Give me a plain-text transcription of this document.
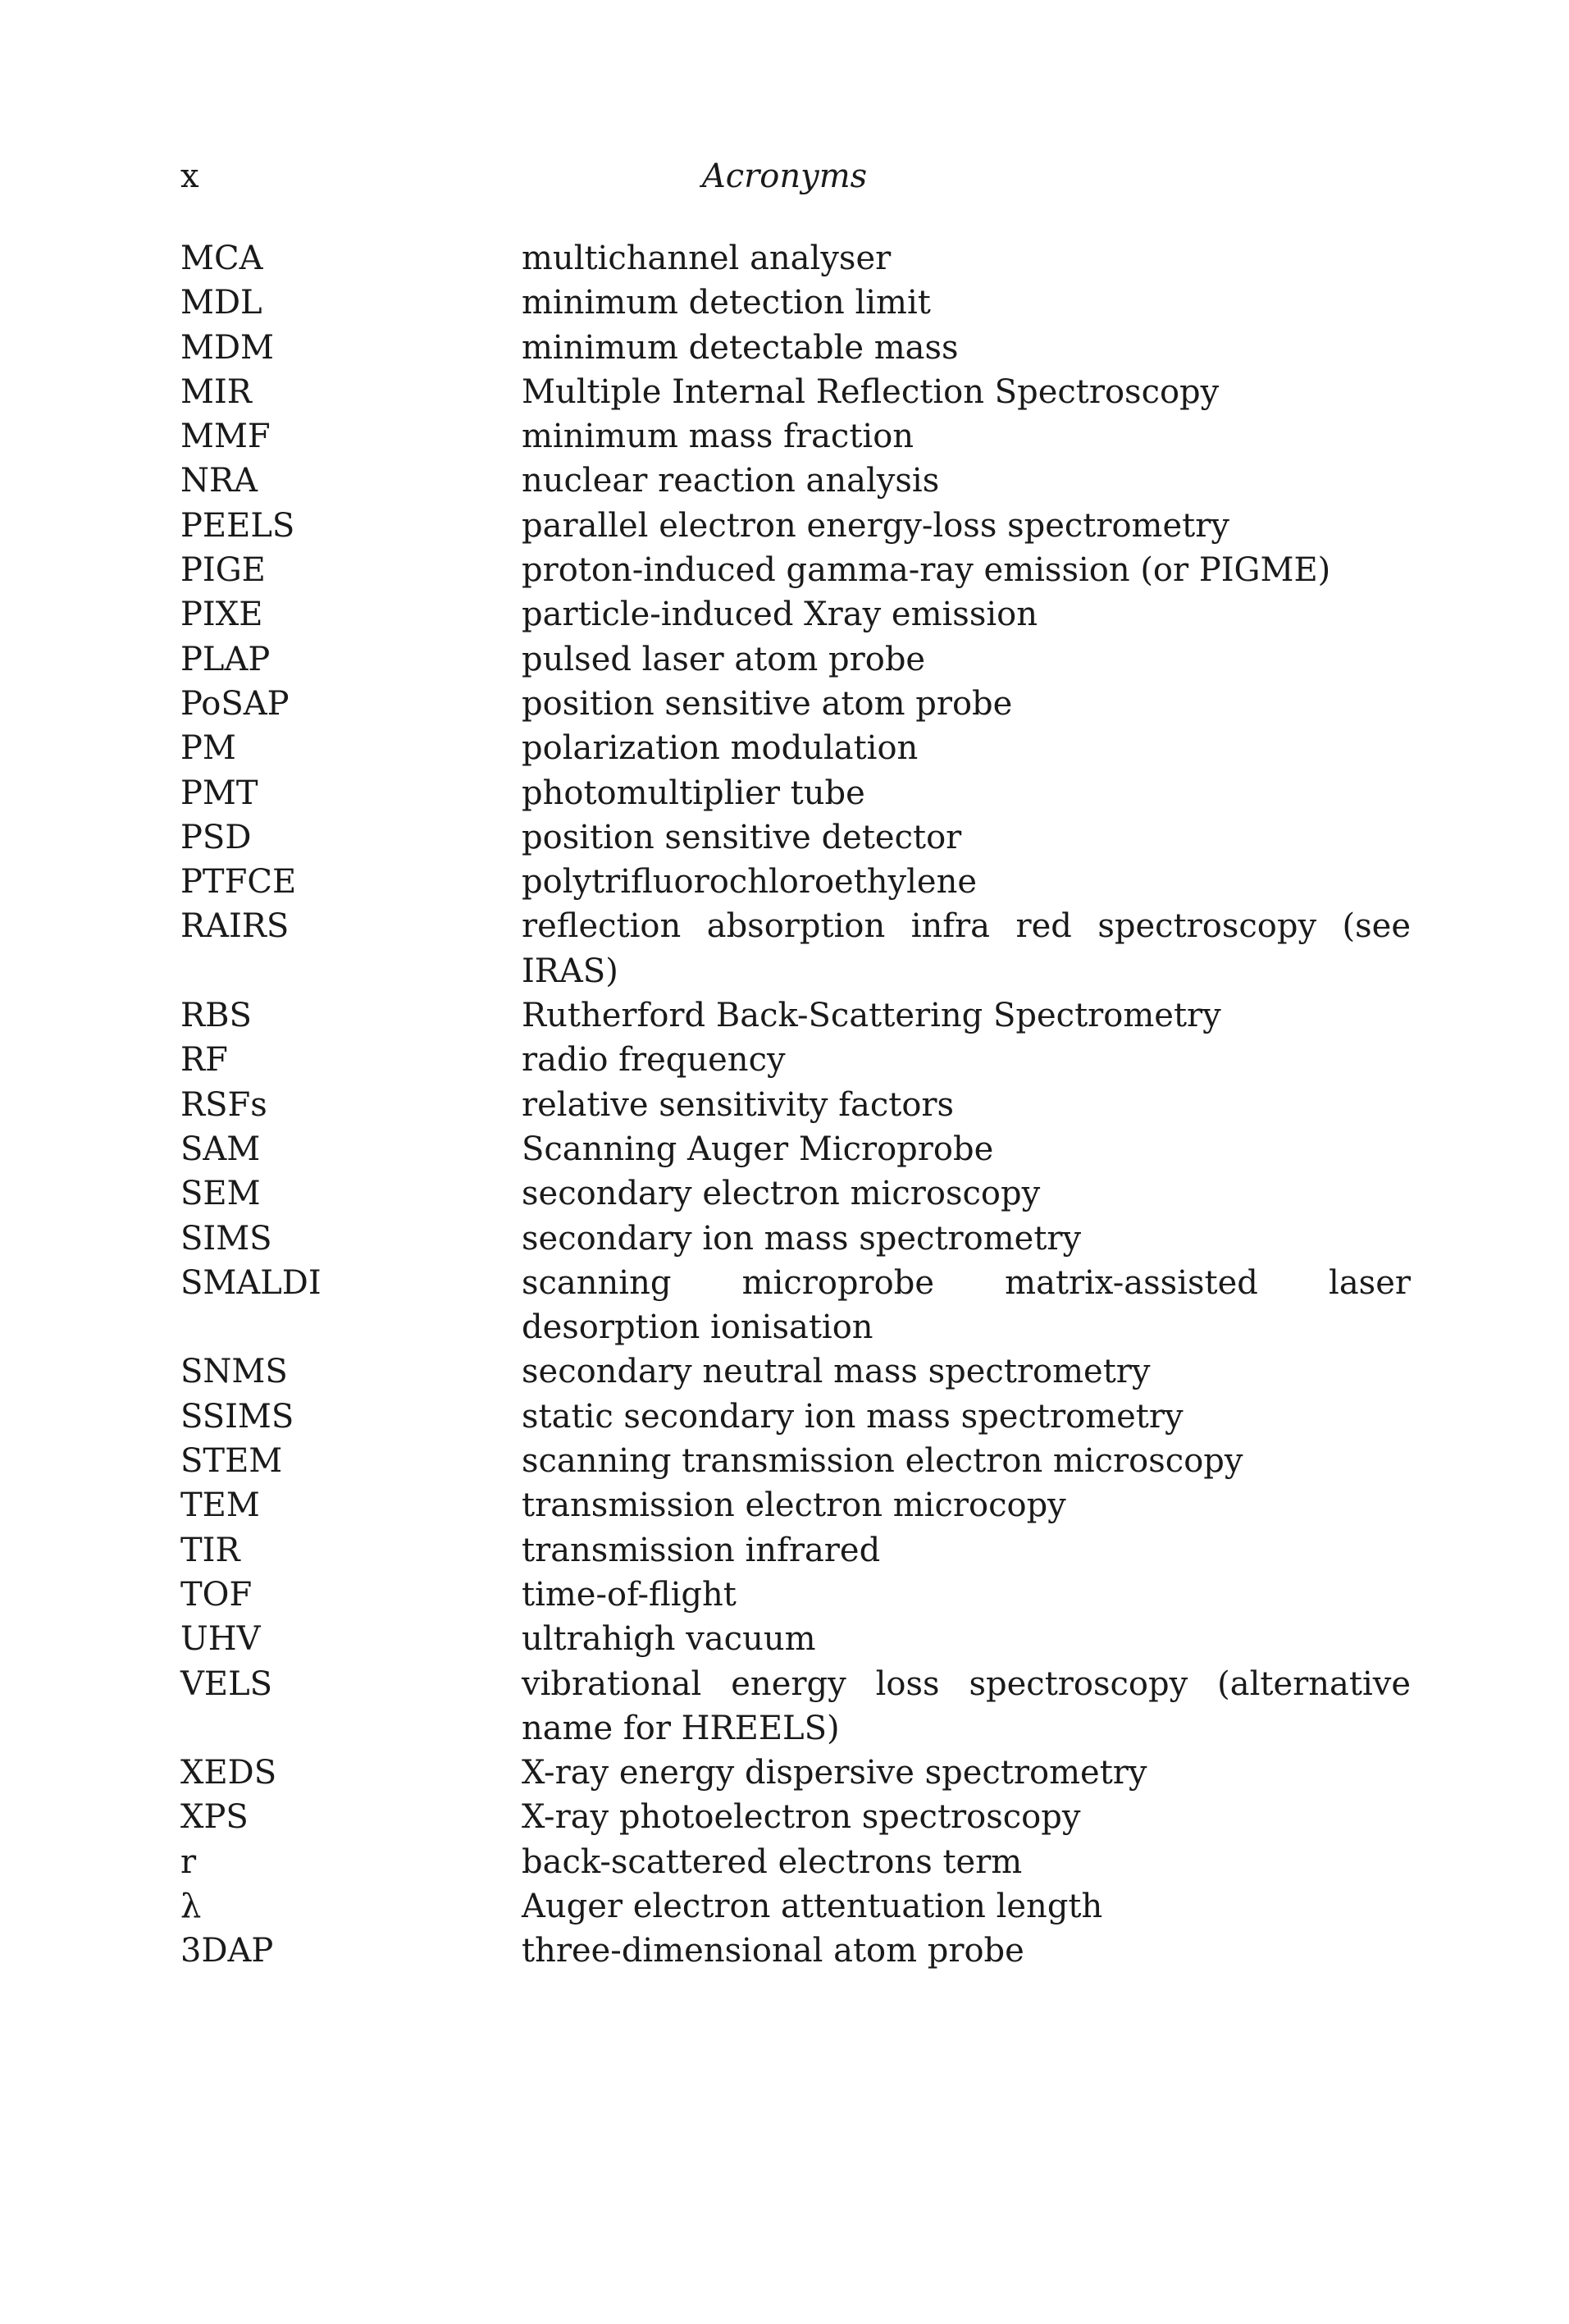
x	Acronyms
MCA	multichannel analyser
MDL	minimum detection limit
MDM	minimum detectable mass
MIR	Multiple Internal Reflection Spectroscopy
MMF	minimum mass fraction
NRA	nuclear reaction analysis
PEELS	parallel electron energy-loss spectrometry
PIGE	proton-induced gamma-ray emission (or PIGME)
PIXE	particle-induced Xray emission
PLAP	pulsed laser atom probe
PoSAP	position sensitive atom probe
PM	polarization modulation
PMT	photomultiplier tube
PSD	position sensitive detector
PTFCE	polytrifluorochloroethylene
RAIRS	reflection absorption infra red spectroscopy (see IRAS)
RBS	Rutherford Back-Scattering Spectrometry
RF	radio frequency
RSFs	relative sensitivity factors
SAM	Scanning Auger Microprobe
SEM	secondary electron microscopy
SIMS	secondary ion mass spectrometry
SMALDI	scanning microprobe matrix-assisted laser desorption ionisation
SNMS	secondary neutral mass spectrometry
SSIMS	static secondary ion mass spectrometry
STEM	scanning transmission electron microscopy
TEM	transmission electron microcopy
TIR	transmission infrared
TOF	time-of-flight
UHV	ultrahigh vacuum
VELS	vibrational energy loss spectroscopy (alternative name for HREELS)
XEDS	X-ray energy dispersive spectrometry
XPS	X-ray photoelectron spectroscopy
r	back-scattered electrons term
λ	Auger electron attentuation length
3DAP	three-dimensional atom probe
